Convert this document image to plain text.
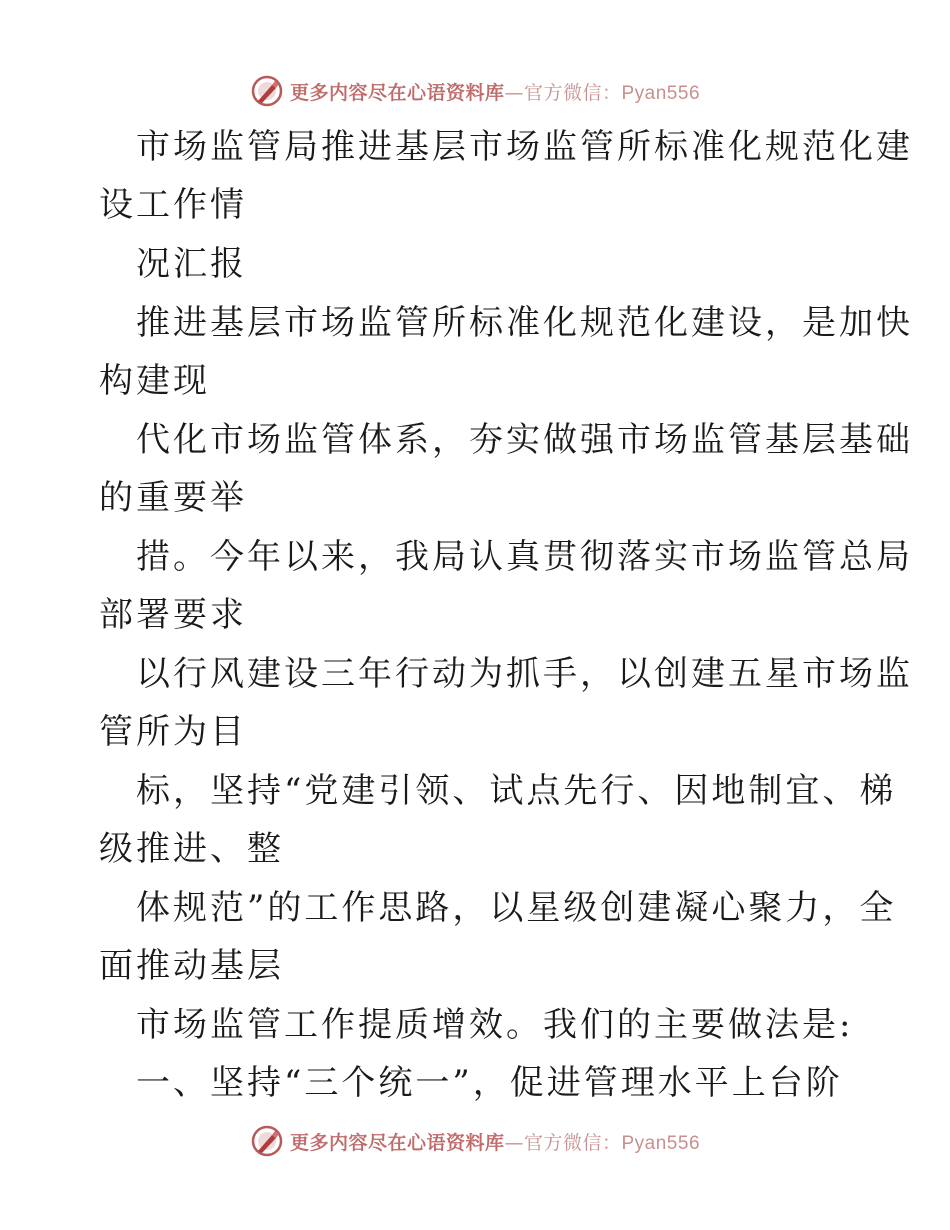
更多内容尽在心语资料库—官方微信：Pyan556
市场监管局推进基层市场监管所标准化规范化建
设工作情
况汇报
推进基层市场监管所标准化规范化建设，是加快
构建现
代化市场监管体系，夯实做强市场监管基层基础
的重要举
措。今年以来，我局认真贯彻落实市场监管总局
部署要求
以行风建设三年行动为抓手，以创建五星市场监
管所为目
标，坚持“党建引领、试点先行、因地制宜、梯
级推进、整
体规范”的工作思路，以星级创建凝心聚力，全
面推动基层
市场监管工作提质增效。我们的主要做法是:
一、坚持“三个统一”，促进管理水平上台阶
更多内容尽在心语资料库—官方微信：Pyan556
